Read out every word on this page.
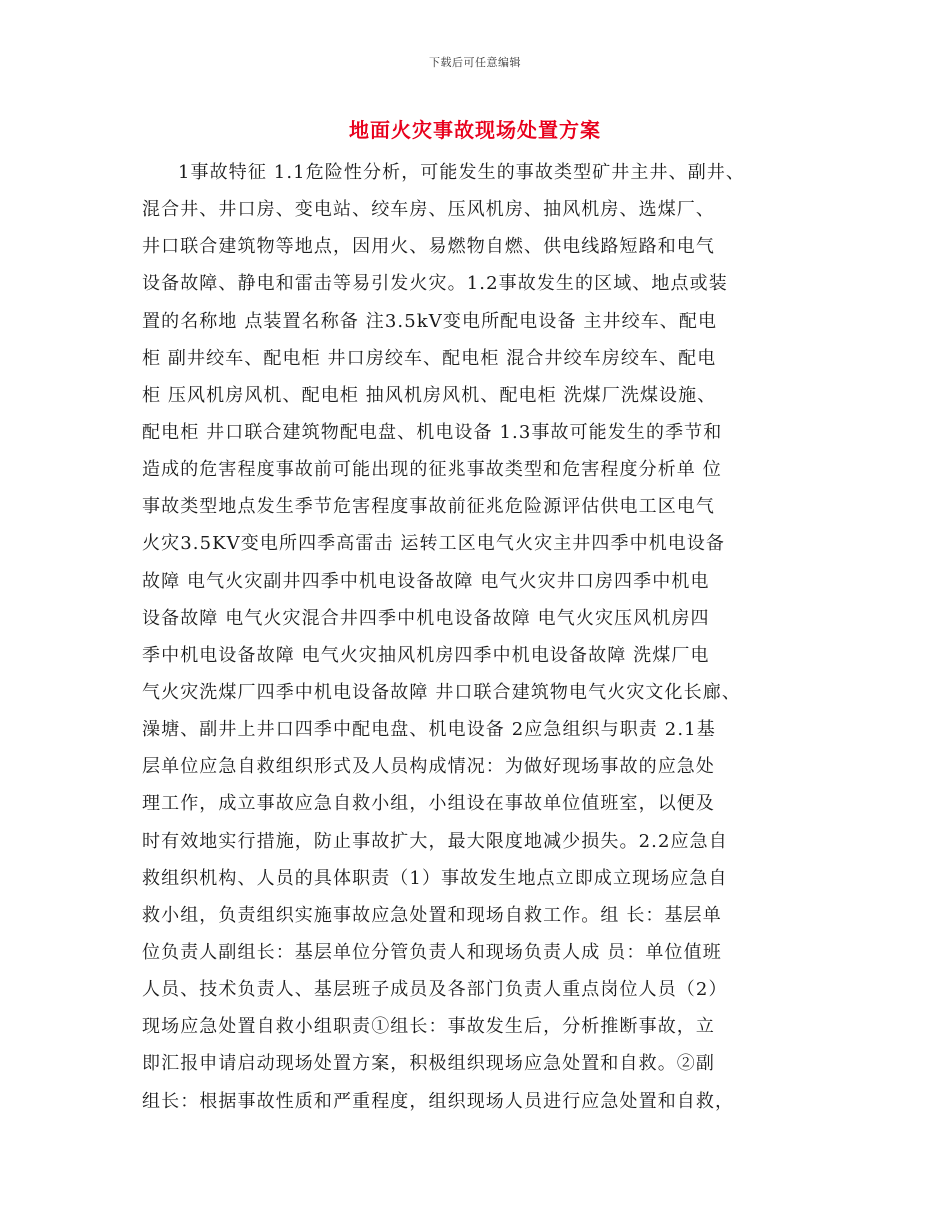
下载后可任意编辑
地面火灾事故现场处置方案
1事故特征 1.1危险性分析，可能发生的事故类型矿井主井、副井、
混合井、井口房、变电站、绞车房、压风机房、抽风机房、选煤厂、
井口联合建筑物等地点，因用火、易燃物自燃、供电线路短路和电气
设备故障、静电和雷击等易引发火灾。1.2事故发生的区域、地点或装
置的名称地 点装置名称备 注3.5kV变电所配电设备 主井绞车、配电
柜 副井绞车、配电柜 井口房绞车、配电柜 混合井绞车房绞车、配电
柜 压风机房风机、配电柜 抽风机房风机、配电柜 洗煤厂洗煤设施、
配电柜 井口联合建筑物配电盘、机电设备 1.3事故可能发生的季节和
造成的危害程度事故前可能出现的征兆事故类型和危害程度分析单 位
事故类型地点发生季节危害程度事故前征兆危险源评估供电工区电气
火灾3.5KV变电所四季高雷击 运转工区电气火灾主井四季中机电设备
故障 电气火灾副井四季中机电设备故障 电气火灾井口房四季中机电
设备故障 电气火灾混合井四季中机电设备故障 电气火灾压风机房四
季中机电设备故障 电气火灾抽风机房四季中机电设备故障 洗煤厂电
气火灾洗煤厂四季中机电设备故障 井口联合建筑物电气火灾文化长廊、
澡塘、副井上井口四季中配电盘、机电设备 2应急组织与职责 2.1基
层单位应急自救组织形式及人员构成情况：为做好现场事故的应急处
理工作，成立事故应急自救小组，小组设在事故单位值班室，以便及
时有效地实行措施，防止事故扩大，最大限度地减少损失。2.2应急自
救组织机构、人员的具体职责（1）事故发生地点立即成立现场应急自
救小组，负责组织实施事故应急处置和现场自救工作。组 长：基层单
位负责人副组长：基层单位分管负责人和现场负责人成 员：单位值班
人员、技术负责人、基层班子成员及各部门负责人重点岗位人员（2）
现场应急处置自救小组职责①组长：事故发生后，分析推断事故，立
即汇报申请启动现场处置方案，积极组织现场应急处置和自救。②副
组长：根据事故性质和严重程度，组织现场人员进行应急处置和自救，
